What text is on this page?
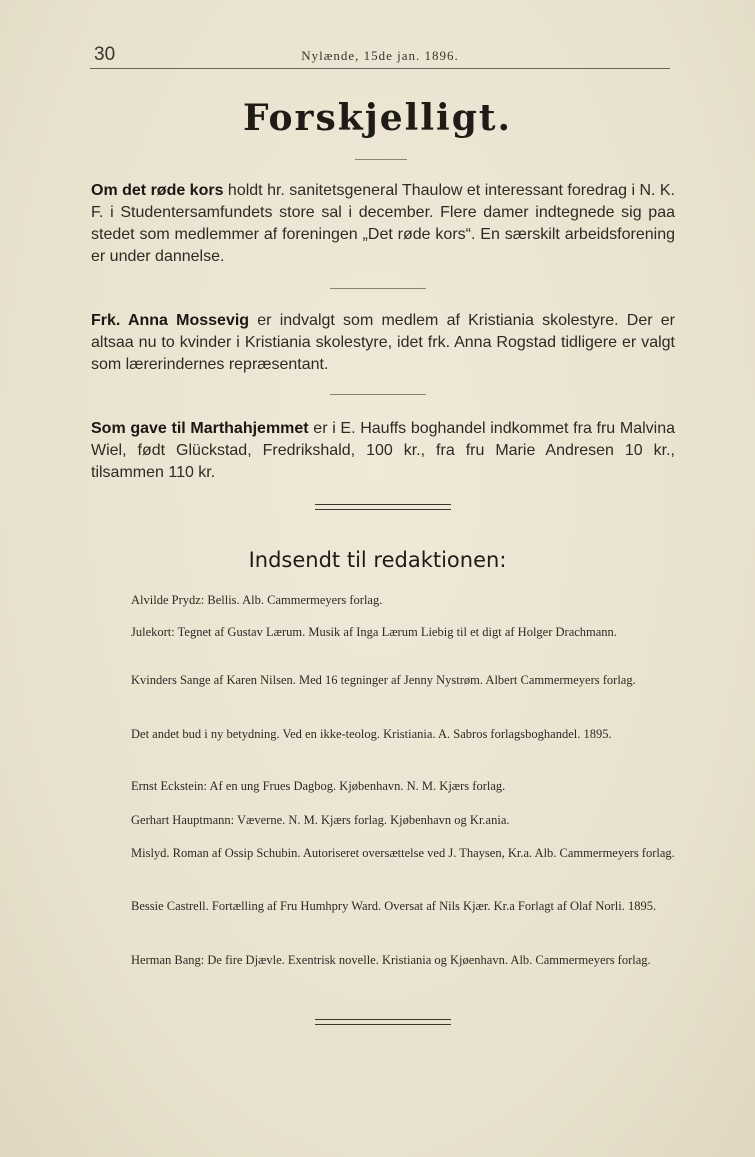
30	Nylænde, 15de jan. 1896.
Forskjelligt.
Om det røde kors holdt hr. sanitetsgeneral Thaulow et interessant foredrag i N. K. F. i Studentersamfundets store sal i december. Flere damer indtegnede sig paa stedet som medlemmer af foreningen „Det røde kors“. En særskilt arbeidsforening er under dannelse.
Frk. Anna Mossevig er indvalgt som medlem af Kristiania skolestyre. Der er altsaa nu to kvinder i Kristiania skolestyre, idet frk. Anna Rogstad tidligere er valgt som lærerindernes repræsentant.
Som gave til Marthahjemmet er i E. Hauffs boghandel indkommet fra fru Malvina Wiel, født Glückstad, Fredrikshald, 100 kr., fra fru Marie Andresen 10 kr., tilsammen 110 kr.
Indsendt til redaktionen:
Alvilde Prydz: Bellis. Alb. Cammermeyers forlag.
Julekort: Tegnet af Gustav Lærum. Musik af Inga Lærum Liebig til et digt af Holger Drachmann.
Kvinders Sange af Karen Nilsen. Med 16 tegninger af Jenny Nystrøm. Albert Cammermeyers forlag.
Det andet bud i ny betydning. Ved en ikke-teolog. Kristiania. A. Sabros forlagsboghandel. 1895.
Ernst Eckstein: Af en ung Frues Dagbog. Kjøbenhavn. N. M. Kjærs forlag.
Gerhart Hauptmann: Væverne. N. M. Kjærs forlag. Kjøbenhavn og Kr.ania.
Mislyd. Roman af Ossip Schubin. Autoriseret oversættelse ved J. Thaysen, Kr.a. Alb. Cammermeyers forlag.
Bessie Castrell. Fortælling af Fru Humhpry Ward. Oversat af Nils Kjær. Kr.a Forlagt af Olaf Norli. 1895.
Herman Bang: De fire Djævle. Exentrisk novelle. Kristiania og Kjøenhavn. Alb. Cammermeyers forlag.
